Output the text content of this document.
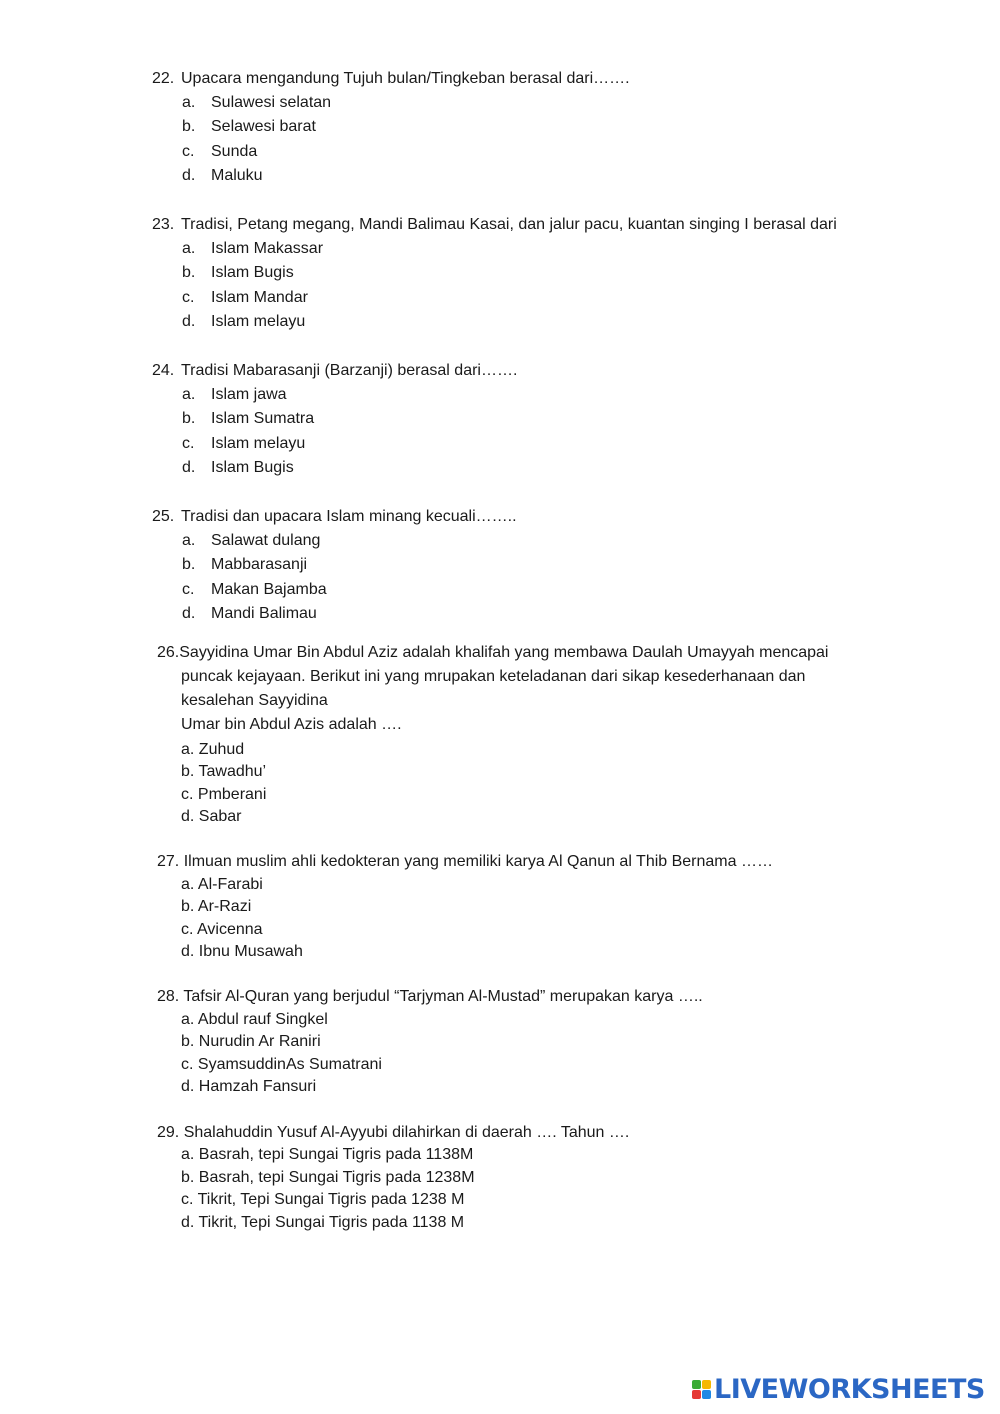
22. Upacara mengandung Tujuh bulan/Tingkeban berasal dari…….
a. Sulawesi selatan
b. Selawesi barat
c. Sunda
d. Maluku
23. Tradisi, Petang megang, Mandi Balimau Kasai, dan jalur pacu, kuantan singing I berasal dari
a. Islam Makassar
b. Islam Bugis
c. Islam Mandar
d. Islam melayu
24. Tradisi Mabarasanji (Barzanji) berasal dari…….
a. Islam jawa
b. Islam Sumatra
c. Islam melayu
d. Islam Bugis
25. Tradisi dan upacara Islam minang kecuali……..
a. Salawat dulang
b. Mabbarasanji
c. Makan Bajamba
d. Mandi Balimau
26.Sayyidina Umar Bin Abdul Aziz adalah khalifah yang membawa Daulah Umayyah mencapai
puncak kejayaan. Berikut ini yang mrupakan keteladanan dari sikap kesederhanaan dan
kesalehan Sayyidina
Umar bin Abdul Azis adalah ….
a. Zuhud
b. Tawadhu’
c. Pmberani
d. Sabar
27. Ilmuan muslim ahli kedokteran yang memiliki karya Al Qanun al Thib Bernama ……
a. Al-Farabi
b. Ar-Razi
c. Avicenna
d. Ibnu Musawah
28. Tafsir Al-Quran yang berjudul “Tarjyman Al-Mustad” merupakan karya …..
a. Abdul rauf Singkel
b. Nurudin Ar Raniri
c. SyamsuddinAs Sumatrani
d. Hamzah Fansuri
29. Shalahuddin Yusuf Al-Ayyubi dilahirkan di daerah …. Tahun ….
a. Basrah, tepi Sungai Tigris pada 1138M
b. Basrah, tepi Sungai Tigris pada 1238M
c. Tikrit, Tepi Sungai Tigris pada 1238 M
d. Tikrit, Tepi Sungai Tigris pada 1138 M
LIVEWORKSHEETS
